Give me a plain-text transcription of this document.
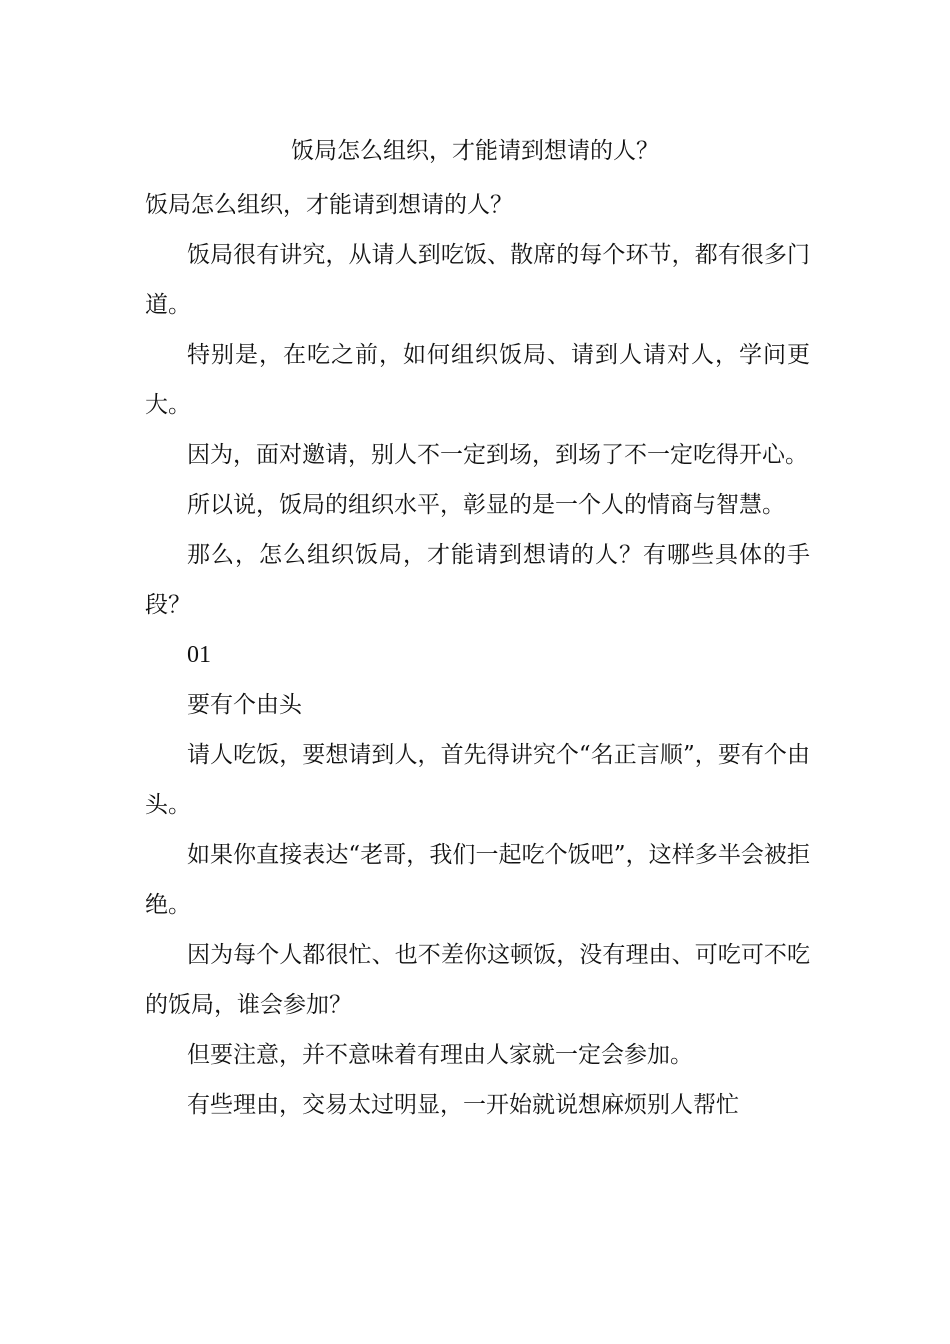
饭局怎么组织，才能请到想请的人？

饭局怎么组织，才能请到想请的人？

饭局很有讲究，从请人到吃饭、散席的每个环节，都有很多门道。

特别是，在吃之前，如何组织饭局、请到人请对人，学问更大。

因为，面对邀请，别人不一定到场，到场了不一定吃得开心。

所以说，饭局的组织水平，彰显的是一个人的情商与智慧。

那么，怎么组织饭局，才能请到想请的人？有哪些具体的手段？

01

要有个由头

请人吃饭，要想请到人，首先得讲究个“名正言顺”，要有个由头。

如果你直接表达“老哥，我们一起吃个饭吧”，这样多半会被拒绝。

因为每个人都很忙、也不差你这顿饭，没有理由、可吃可不吃的饭局，谁会参加？

但要注意，并不意味着有理由人家就一定会参加。

有些理由，交易太过明显，一开始就说想麻烦别人帮忙
